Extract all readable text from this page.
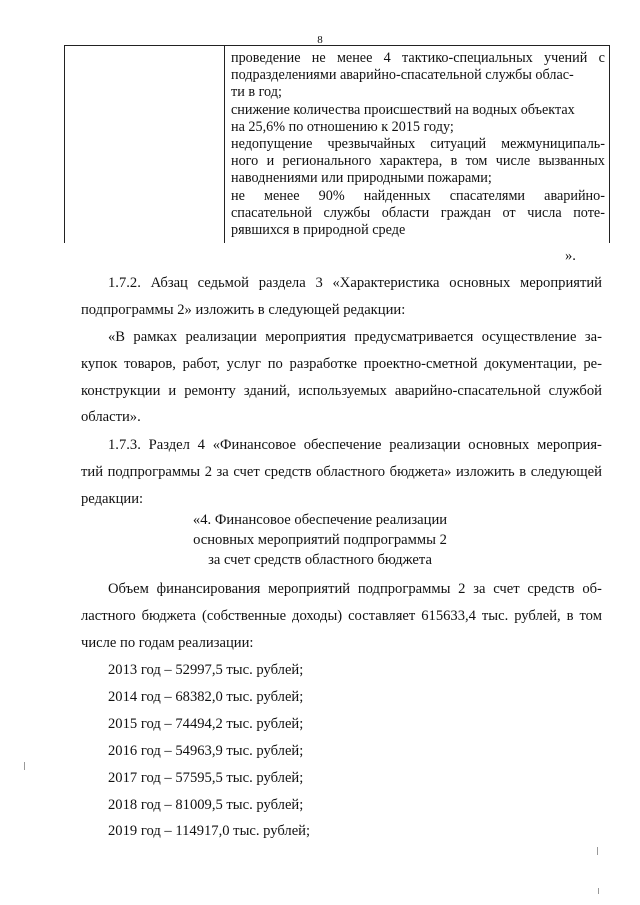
8
проведение не менее 4 тактико-специальных учений с
подразделениями аварийно-спасательной службы облас-
ти в год;
снижение количества происшествий на водных объектах
на 25,6% по отношению к 2015 году;
недопущение чрезвычайных ситуаций межмуниципаль-
ного и регионального характера, в том числе вызванных
наводнениями или природными пожарами;
не менее 90% найденных спасателями аварийно-
спасательной службы области граждан от числа поте-
рявшихся в природной среде
».
1.7.2. Абзац седьмой раздела 3 «Характеристика основных мероприятий
подпрограммы 2» изложить в следующей редакции:
«В рамках реализации мероприятия предусматривается осуществление за-
купок товаров, работ, услуг по разработке проектно-сметной документации, ре-
конструкции и ремонту зданий, используемых аварийно-спасательной службой
области».
1.7.3. Раздел 4 «Финансовое обеспечение реализации основных мероприя-
тий подпрограммы 2 за счет средств областного бюджета» изложить в следующей
редакции:
«4. Финансовое обеспечение реализации
основных мероприятий подпрограммы 2
за счет средств областного бюджета
Объем финансирования мероприятий подпрограммы 2 за счет средств об-
ластного бюджета (собственные доходы) составляет 615633,4 тыс. рублей, в том
числе по годам реализации:
2013 год – 52997,5 тыс. рублей;
2014 год – 68382,0 тыс. рублей;
2015 год – 74494,2 тыс. рублей;
2016 год – 54963,9 тыс. рублей;
2017 год – 57595,5 тыс. рублей;
2018 год – 81009,5 тыс. рублей;
2019 год – 114917,0 тыс. рублей;
